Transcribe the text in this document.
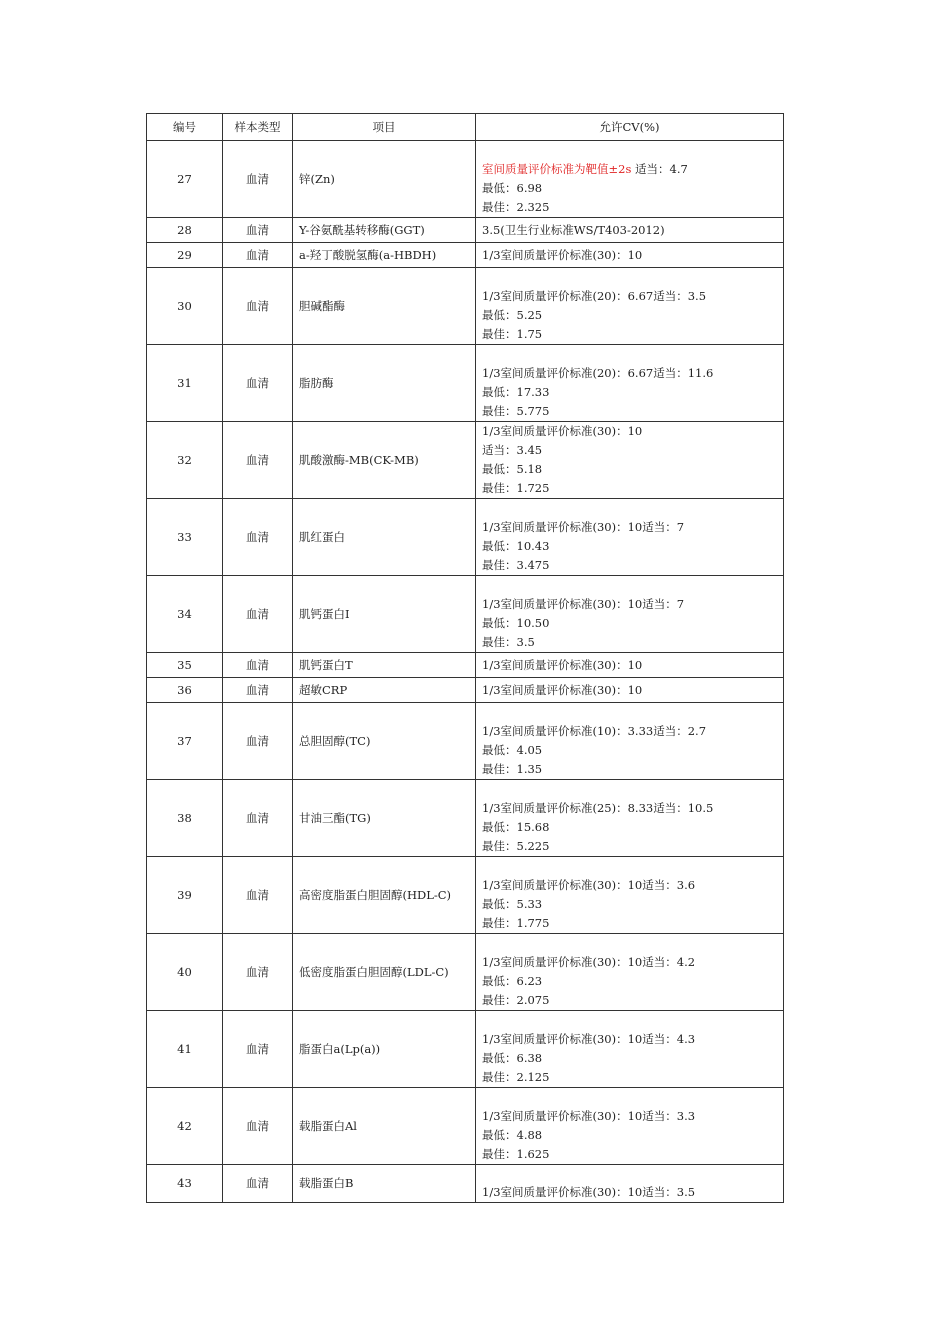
编号	样本类型	项目	允许CV(%)
27	血清	锌(Zn)	室间质量评价标准为靶值±2s 适当：4.7
最低：6.98
最佳：2.325

28	血清	Y-谷氨酰基转移酶(GGT)	3.5(卫生行业标准WS/T403-2012)

29	血清	a-羟丁酸脱氢酶(a-HBDH)	1/3室间质量评价标准(30)：10

30	血清	胆碱酯酶	1/3室间质量评价标准(20)：6.67适当：3.5
最低：5.25
最佳：1.75

31	血清	脂肪酶	1/3室间质量评价标准(20)：6.67适当：11.6
最低：17.33
最佳：5.775

32	血清	肌酸激酶-MB(CK-MB)	1/3室间质量评价标准(30)：10
适当：3.45
最低：5.18
最佳：1.725

33	血清	肌红蛋白	1/3室间质量评价标准(30)：10适当：7
最低：10.43
最佳：3.475

34	血清	肌钙蛋白I	1/3室间质量评价标准(30)：10适当：7
最低：10.50
最佳：3.5

35	血清	肌钙蛋白T	1/3室间质量评价标准(30)：10

36	血清	超敏CRP	1/3室间质量评价标准(30)：10

37	血清	总胆固醇(TC)	1/3室间质量评价标准(10)：3.33适当：2.7
最低：4.05
最佳：1.35

38	血清	甘油三酯(TG)	1/3室间质量评价标准(25)：8.33适当：10.5
最低：15.68
最佳：5.225

39	血清	高密度脂蛋白胆固醇(HDL-C)	1/3室间质量评价标准(30)：10适当：3.6
最低：5.33
最佳：1.775

40	血清	低密度脂蛋白胆固醇(LDL-C)	1/3室间质量评价标准(30)：10适当：4.2
最低：6.23
最佳：2.075

41	血清	脂蛋白a(Lp(a))	1/3室间质量评价标准(30)：10适当：4.3
最低：6.38
最佳：2.125

42	血清	载脂蛋白Al	1/3室间质量评价标准(30)：10适当：3.3
最低：4.88
最佳：1.625

43	血清	载脂蛋白B	1/3室间质量评价标准(30)：10适当：3.5
